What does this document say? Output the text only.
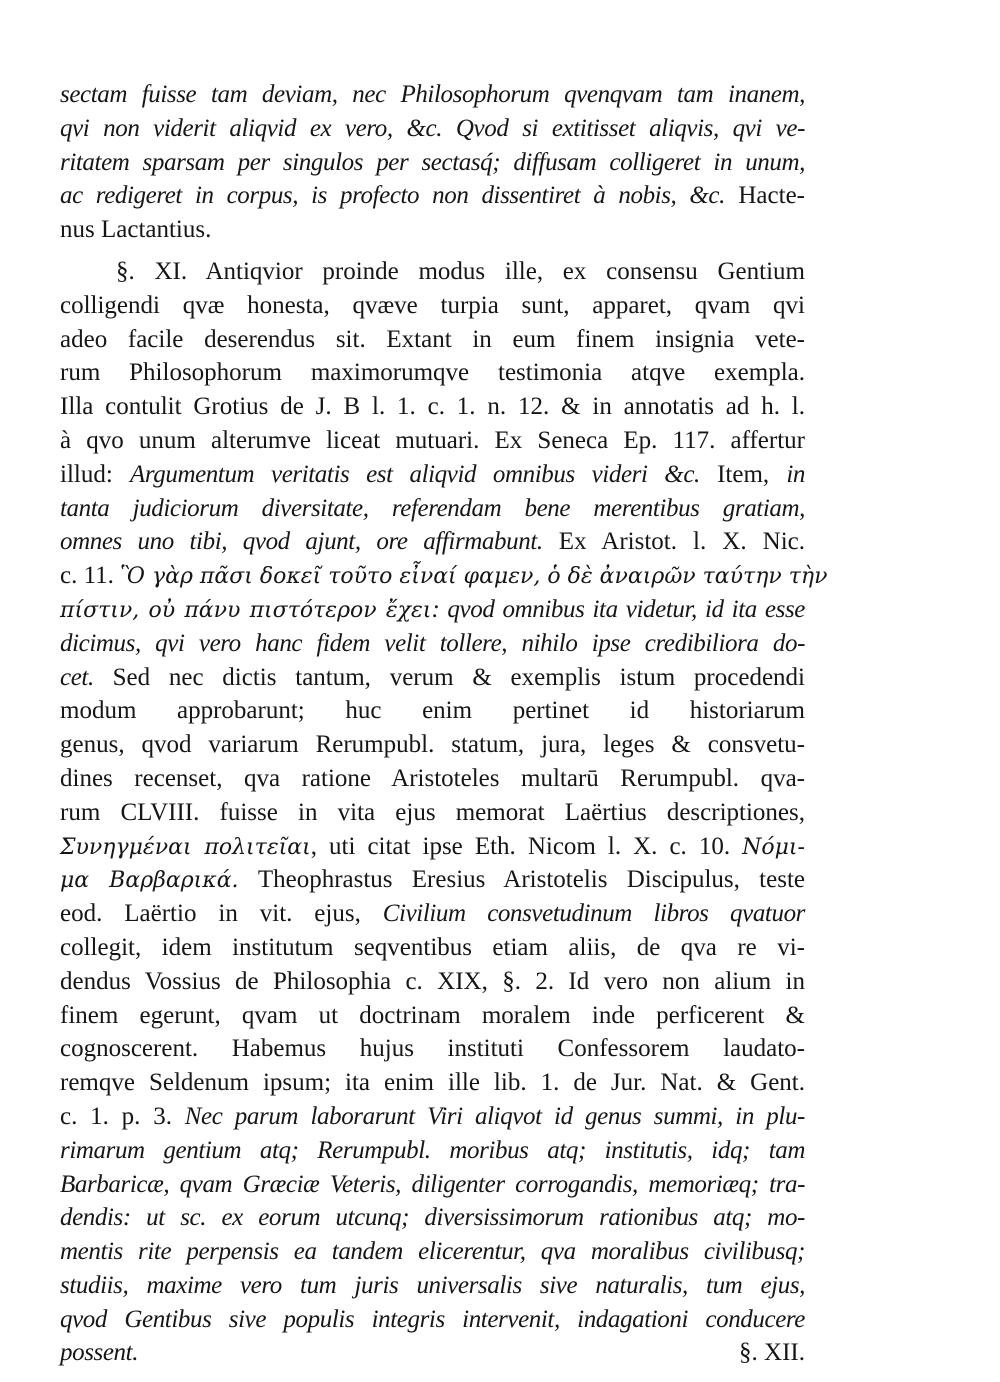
sectam fuisse tam deviam, nec Philosophorum qvenqvam tam inanem,
qvi non viderit aliqvid ex vero, &c. Qvod si extitisset aliqvis, qvi ve-
ritatem sparsam per singulos per sectasq́; diffusam colligeret in unum,
ac redigeret in corpus, is profecto non dissentiret à nobis, &c. Hacte-
nus Lactantius.
§. XI. Antiqvior proinde modus ille, ex consensu Gentium
colligendi qvæ honesta, qvæve turpia sunt, apparet, qvam qvi
adeo facile deserendus sit. Extant in eum finem insignia vete-
rum Philosophorum maximorumqve testimonia atqve exempla.
Illa contulit Grotius de J. B l. 1. c. 1. n. 12. & in annotatis ad h. l.
à qvo unum alterumve liceat mutuari. Ex Seneca Ep. 117. affertur
illud: Argumentum veritatis est aliqvid omnibus videri &c. Item, in
tanta judiciorum diversitate, referendam bene merentibus gratiam,
omnes uno tibi, qvod ajunt, ore affirmabunt. Ex Aristot. l. X. Nic.
c. 11. Ὃ γὰρ πᾶσι δοκεῖ τοῦτο εἶναί φαμεν, ὁ δὲ ἀναιρῶν ταύτην τὴν
πίστιν, οὐ πάνυ πιστότερον ἔχει: qvod omnibus ita videtur, id ita esse
dicimus, qvi vero hanc fidem velit tollere, nihilo ipse credibiliora do-
cet. Sed nec dictis tantum, verum & exemplis istum procedendi
modum approbarunt; huc enim pertinet id historiarum
genus, qvod variarum Rerumpubl. statum, jura, leges & consvetu-
dines recenset, qva ratione Aristoteles multarū Rerumpubl. qva-
rum CLVIII. fuisse in vita ejus memorat Laërtius descriptiones,
Συνηγμέναι πολιτεῖαι, uti citat ipse Eth. Nicom l. X. c. 10. Νόμι-
μα Βαρβαρικά. Theophrastus Eresius Aristotelis Discipulus, teste
eod. Laërtio in vit. ejus, Civilium consvetudinum libros qvatuor
collegit, idem institutum seqventibus etiam aliis, de qva re vi-
dendus Vossius de Philosophia c. XIX, §. 2. Id vero non alium in
finem egerunt, qvam ut doctrinam moralem inde perficerent &
cognoscerent. Habemus hujus instituti Confessorem laudato-
remqve Seldenum ipsum; ita enim ille lib. 1. de Jur. Nat. & Gent.
c. 1. p. 3. Nec parum laborarunt Viri aliqvot id genus summi, in plu-
rimarum gentium atq; Rerumpubl. moribus atq; institutis, idq; tam
Barbaricæ, qvam Græciæ Veteris, diligenter corrogandis, memoriæq; tra-
dendis: ut sc. ex eorum utcunq; diversissimorum rationibus atq; mo-
mentis rite perpensis ea tandem elicerentur, qva moralibus civilibusq;
studiis, maxime vero tum juris universalis sive naturalis, tum ejus,
qvod Gentibus sive populis integris intervenit, indagationi conducere
possent.	§. XII.
